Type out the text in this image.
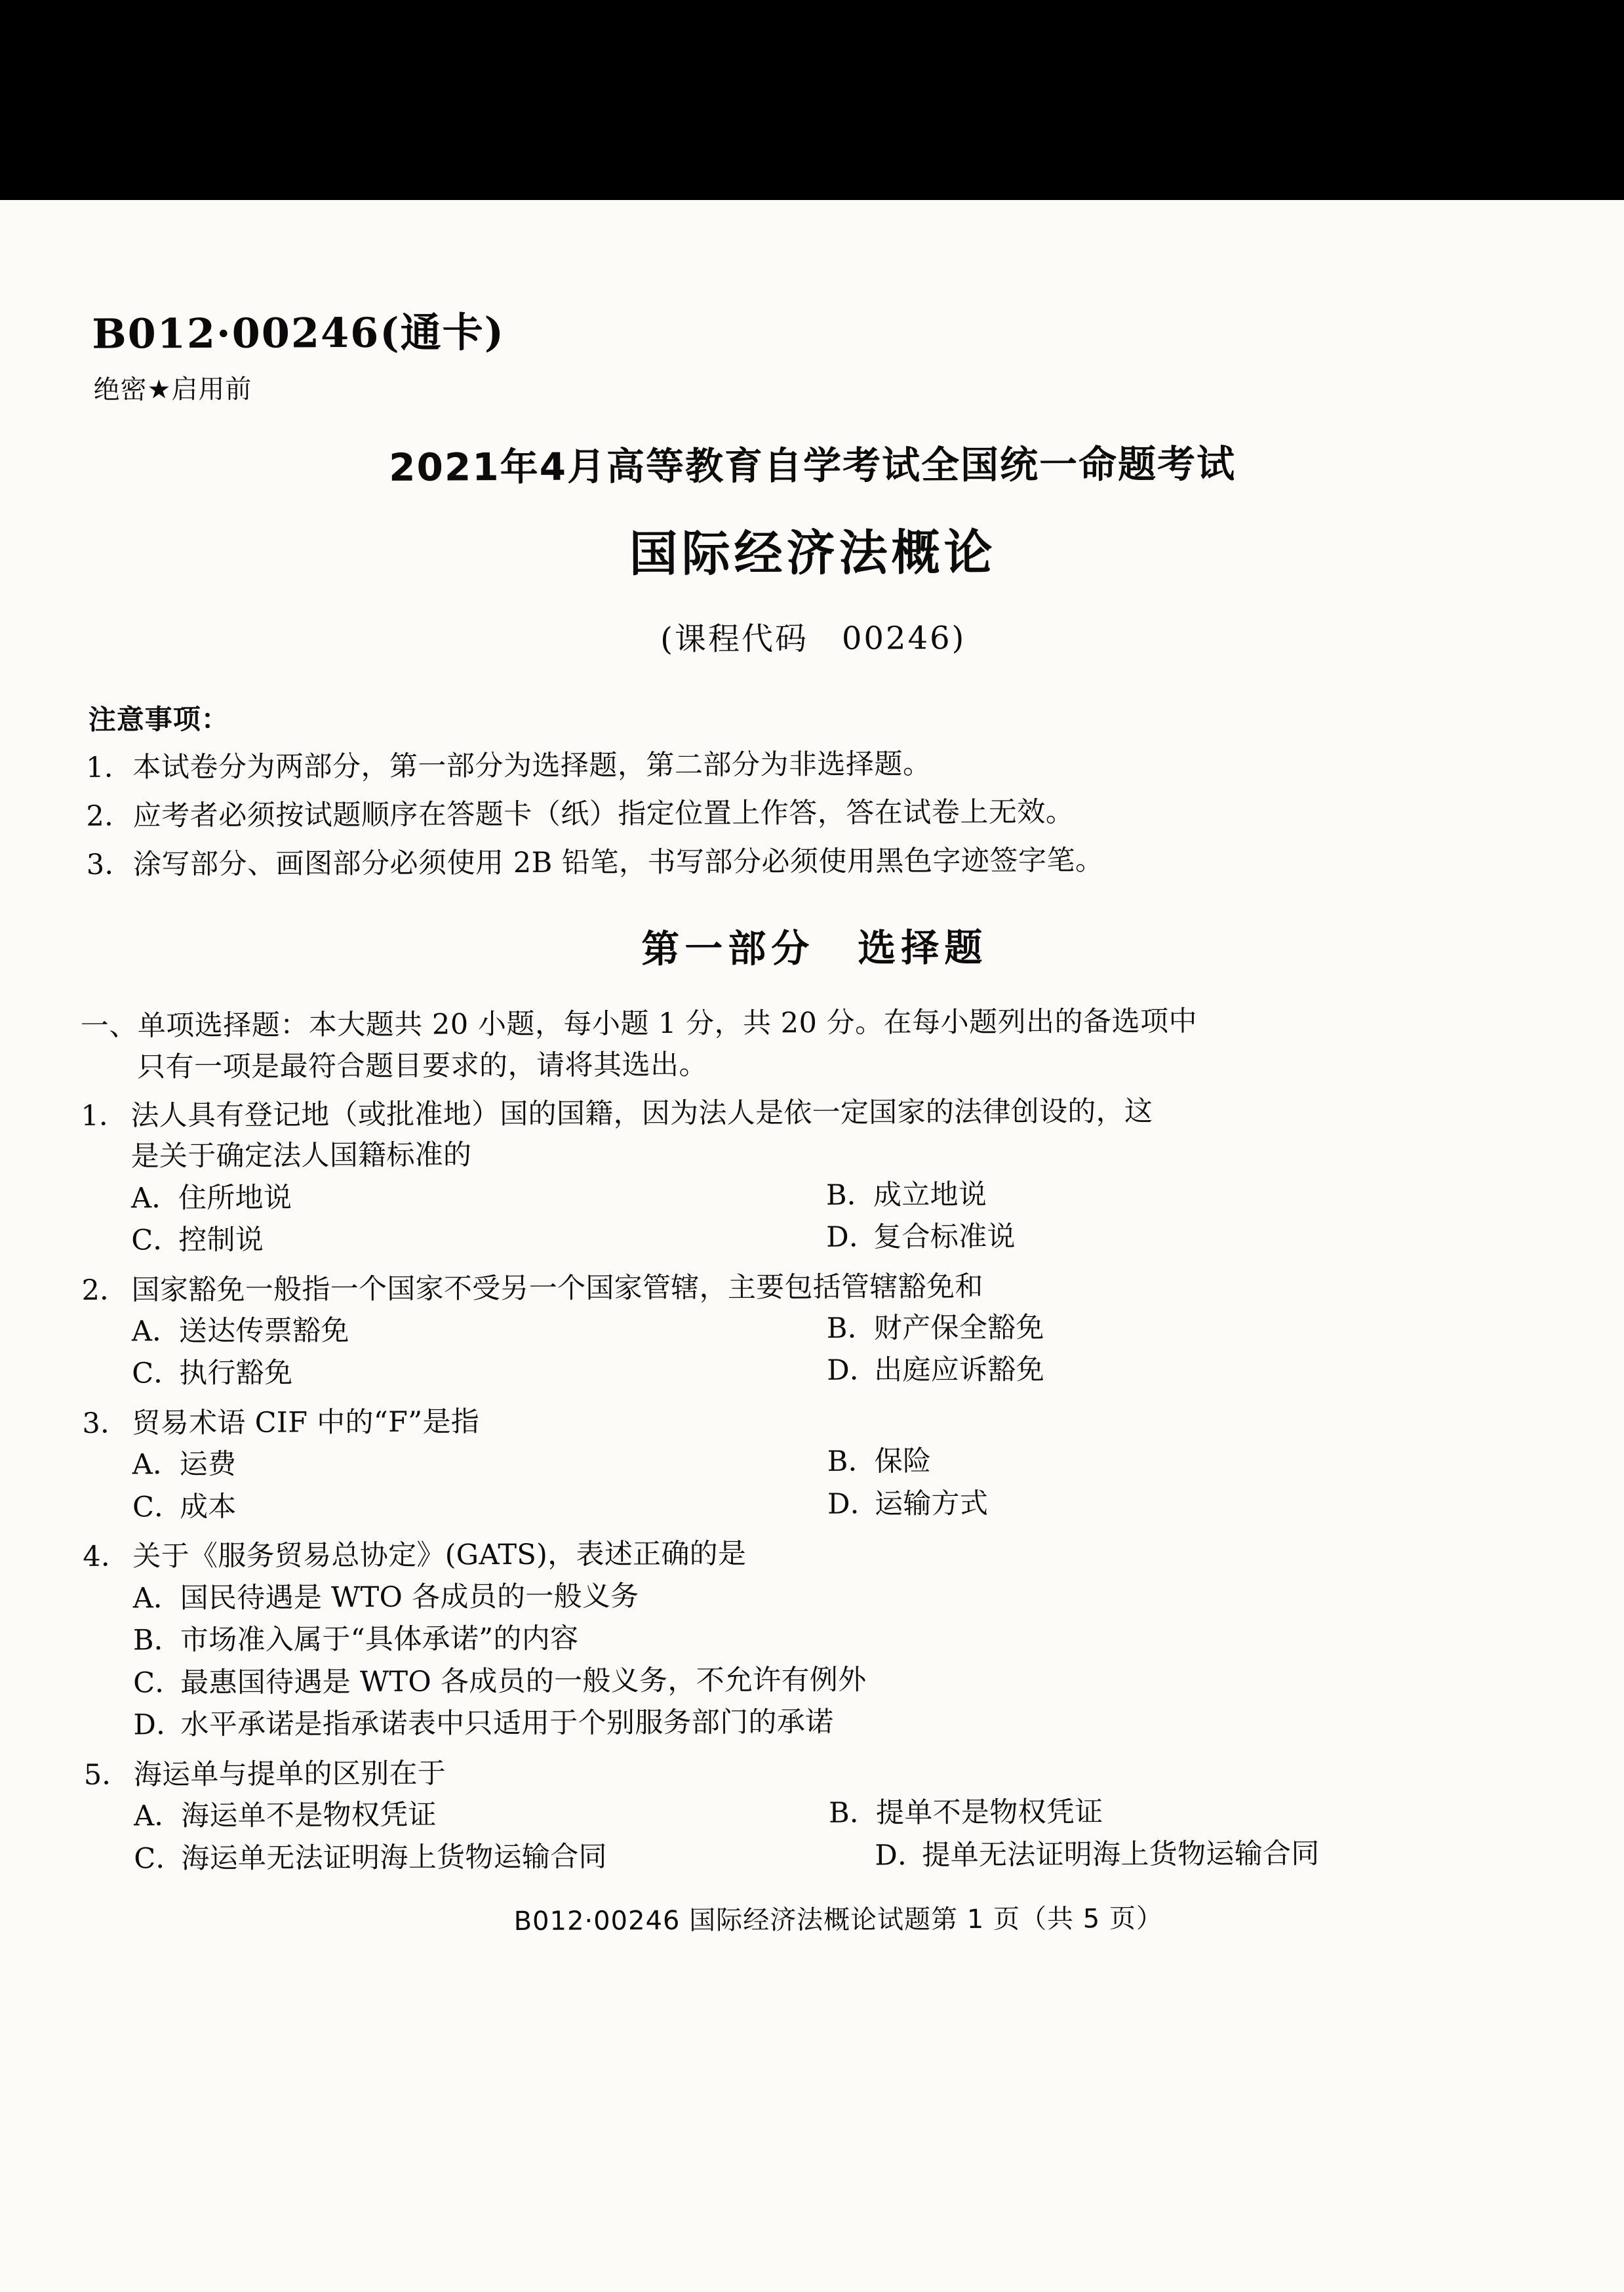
B012·00246(通卡)
绝密★启用前
2021年4月高等教育自学考试全国统一命题考试
国际经济法概论
(课程代码　00246)
注意事项：
1．本试卷分为两部分，第一部分为选择题，第二部分为非选择题。
2．应考者必须按试题顺序在答题卡（纸）指定位置上作答，答在试卷上无效。
3．涂写部分、画图部分必须使用 2B 铅笔，书写部分必须使用黑色字迹签字笔。
第一部分　选择题
一、单项选择题：本大题共 20 小题，每小题 1 分，共 20 分。在每小题列出的备选项中
只有一项是最符合题目要求的，请将其选出。
1． 法人具有登记地（或批准地）国的国籍，因为法人是依一定国家的法律创设的，这
是关于确定法人国籍标准的
A．住所地说	B．成立地说
C．控制说	D．复合标准说
2． 国家豁免一般指一个国家不受另一个国家管辖，主要包括管辖豁免和
A．送达传票豁免	B．财产保全豁免
C．执行豁免	D．出庭应诉豁免
3． 贸易术语 CIF 中的“F”是指
A．运费	B．保险
C．成本	D．运输方式
4． 关于《服务贸易总协定》(GATS)，表述正确的是
A．国民待遇是 WTO 各成员的一般义务
B．市场准入属于“具体承诺”的内容
C．最惠国待遇是 WTO 各成员的一般义务，不允许有例外
D．水平承诺是指承诺表中只适用于个别服务部门的承诺
5． 海运单与提单的区别在于
A．海运单不是物权凭证	B．提单不是物权凭证
C．海运单无法证明海上货物运输合同	D．提单无法证明海上货物运输合同
B012·00246 国际经济法概论试题第 1 页（共 5 页）
